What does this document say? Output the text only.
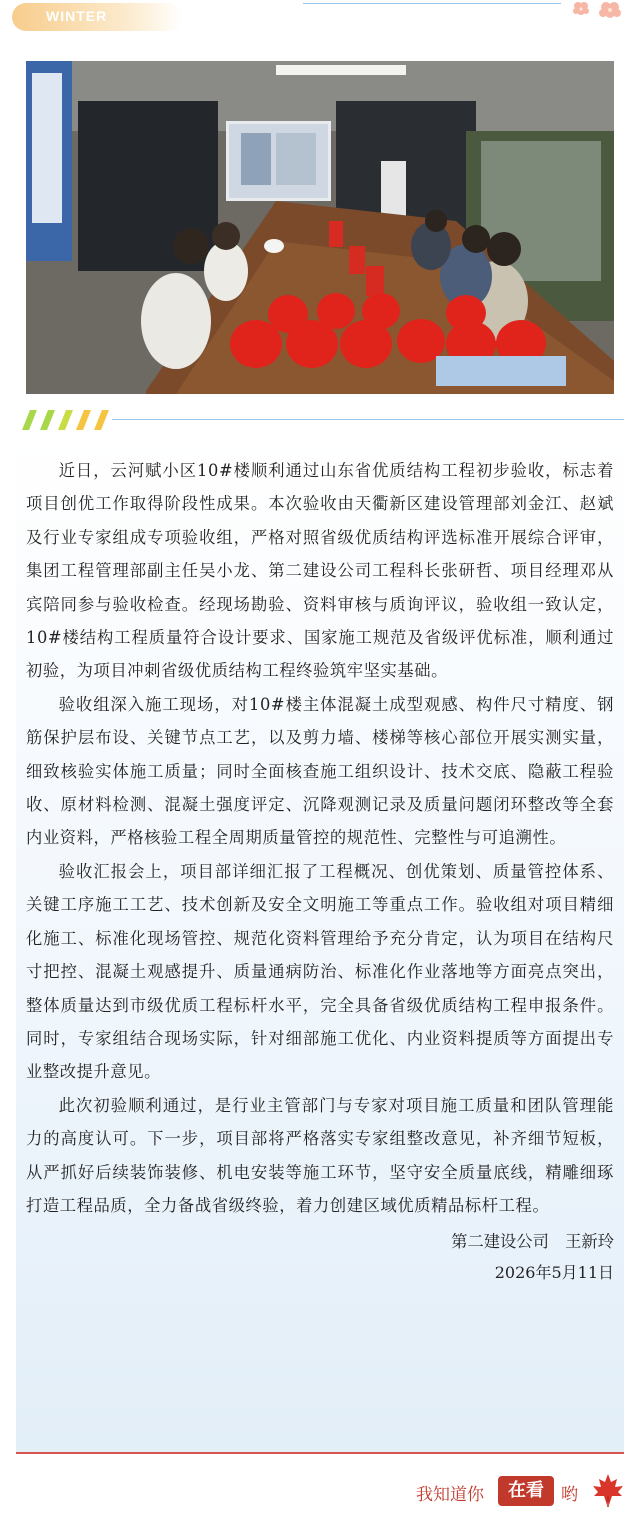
WINTER

近日，云河赋小区10#楼顺利通过山东省优质结构工程初步验收，标志着项目创优工作取得阶段性成果。本次验收由天衢新区建设管理部刘金江、赵斌及行业专家组成专项验收组，严格对照省级优质结构评选标准开展综合评审，集团工程管理部副主任吴小龙、第二建设公司工程科长张研哲、项目经理邓从宾陪同参与验收检查。经现场勘验、资料审核与质询评议，验收组一致认定，10#楼结构工程质量符合设计要求、国家施工规范及省级评优标准，顺利通过初验，为项目冲刺省级优质结构工程终验筑牢坚实基础。

验收组深入施工现场，对10#楼主体混凝土成型观感、构件尺寸精度、钢筋保护层布设、关键节点工艺，以及剪力墙、楼梯等核心部位开展实测实量，细致核验实体施工质量；同时全面核查施工组织设计、技术交底、隐蔽工程验收、原材料检测、混凝土强度评定、沉降观测记录及质量问题闭环整改等全套内业资料，严格核验工程全周期质量管控的规范性、完整性与可追溯性。

验收汇报会上，项目部详细汇报了工程概况、创优策划、质量管控体系、关键工序施工工艺、技术创新及安全文明施工等重点工作。验收组对项目精细化施工、标准化现场管控、规范化资料管理给予充分肯定，认为项目在结构尺寸把控、混凝土观感提升、质量通病防治、标准化作业落地等方面亮点突出，整体质量达到市级优质工程标杆水平，完全具备省级优质结构工程申报条件。同时，专家组结合现场实际，针对细部施工优化、内业资料提质等方面提出专业整改提升意见。

此次初验顺利通过，是行业主管部门与专家对项目施工质量和团队管理能力的高度认可。下一步，项目部将严格落实专家组整改意见，补齐细节短板，从严抓好后续装饰装修、机电安装等施工环节，坚守安全质量底线，精雕细琢打造工程品质，全力备战省级终验，着力创建区域优质精品标杆工程。

第二建设公司　王新玲
2026年5月11日
我知道你	在看	哟
